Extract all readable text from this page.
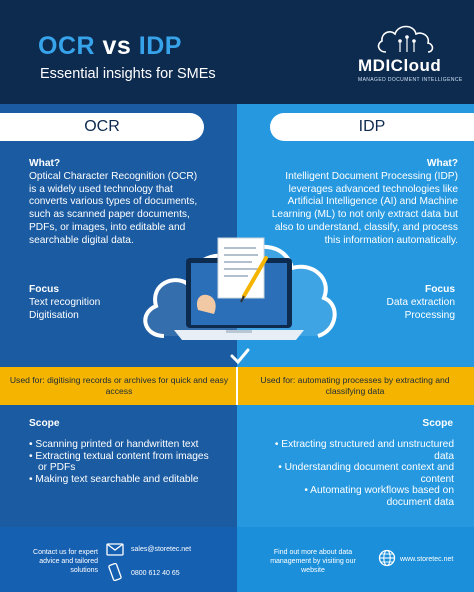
OCR vs IDP
Essential insights for SMEs	MDICloud
MANAGED DOCUMENT INTELLIGENCE
OCR	IDP
What?
Optical Character Recognition (OCR) is a widely used technology that converts various types of documents, such as scanned paper documents, PDFs, or images, into editable and searchable digital data.
What?
Intelligent Document Processing (IDP) leverages advanced technologies like Artificial Intelligence (AI) and Machine Learning (ML) to not only extract data but also to understand, classify, and process this information automatically.
Focus
Text recognition
Digitisation
Focus
Data extraction
Processing
Used for: digitising records or archives for quick and easy access
Used for: automating processes by extracting and classifying data
Scope	Scope
• Scanning printed or handwritten text
• Extracting textual content from images or PDFs
• Making text searchable and editable
• Extracting structured and unstructured data
• Understanding document context and content
• Automating workflows based on document data
Contact us for expert advice and tailored solutions
sales@storetec.net
0800 612 40 65
Find out more about data management by visiting our website
www.storetec.net
